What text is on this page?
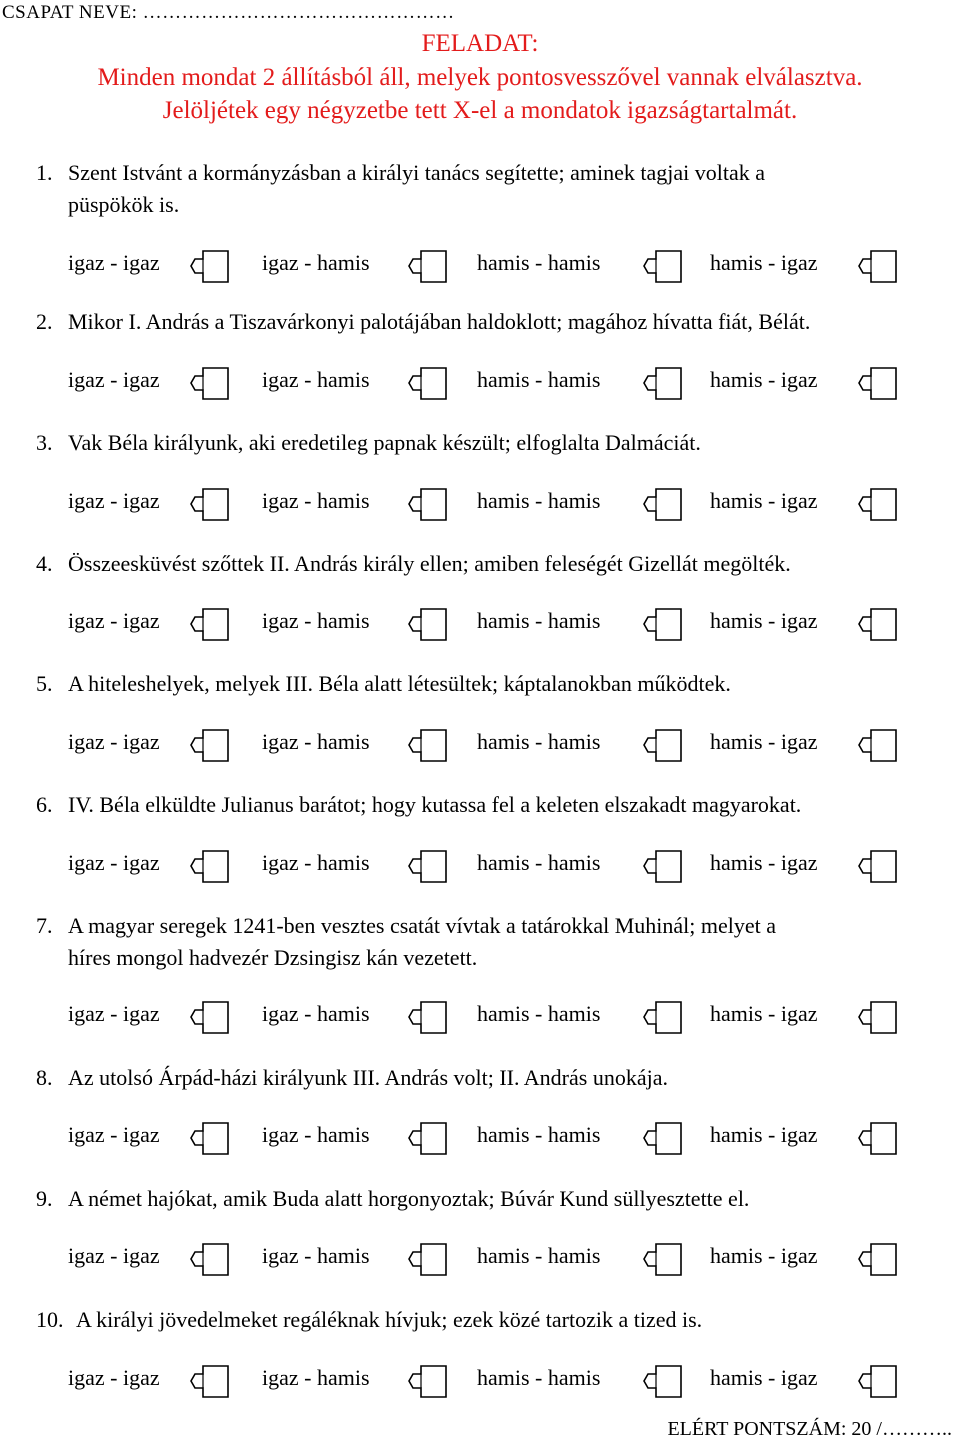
CSAPAT NEVE: …………………………………………
FELADAT:
Minden mondat 2 állításból áll, melyek pontosvesszővel vannak elválasztva.
Jelöljétek egy négyzetbe tett X-el a mondatok igazságtartalmát.
1. Szent Istvánt a kormányzásban a királyi tanács segítette; aminek tagjai voltak a
püspökök is.
igaz - igaz	igaz - hamis	hamis - hamis	hamis - igaz
2. Mikor I. András a Tiszavárkonyi palotájában haldoklott; magához hívatta fiát, Bélát.
igaz - igaz	igaz - hamis	hamis - hamis	hamis - igaz
3. Vak Béla királyunk, aki eredetileg papnak készült; elfoglalta Dalmáciát.
igaz - igaz	igaz - hamis	hamis - hamis	hamis - igaz
4. Összeesküvést szőttek II. András király ellen; amiben feleségét Gizellát megölték.
igaz - igaz	igaz - hamis	hamis - hamis	hamis - igaz
5. A hiteleshelyek, melyek III. Béla alatt létesültek; káptalanokban működtek.
igaz - igaz	igaz - hamis	hamis - hamis	hamis - igaz
6. IV. Béla elküldte Julianus barátot; hogy kutassa fel a keleten elszakadt magyarokat.
igaz - igaz	igaz - hamis	hamis - hamis	hamis - igaz
7. A magyar seregek 1241-ben vesztes csatát vívtak a tatárokkal Muhinál; melyet a
híres mongol hadvezér Dzsingisz kán vezetett.
igaz - igaz	igaz - hamis	hamis - hamis	hamis - igaz
8. Az utolsó Árpád-házi királyunk III. András volt; II. András unokája.
igaz - igaz	igaz - hamis	hamis - hamis	hamis - igaz
9. A német hajókat, amik Buda alatt horgonyoztak; Búvár Kund süllyesztette el.
igaz - igaz	igaz - hamis	hamis - hamis	hamis - igaz
10. A királyi jövedelmeket regáléknak hívjuk; ezek közé tartozik a tized is.
igaz - igaz	igaz - hamis	hamis - hamis	hamis - igaz
ELÉRT PONTSZÁM: 20 /………..
